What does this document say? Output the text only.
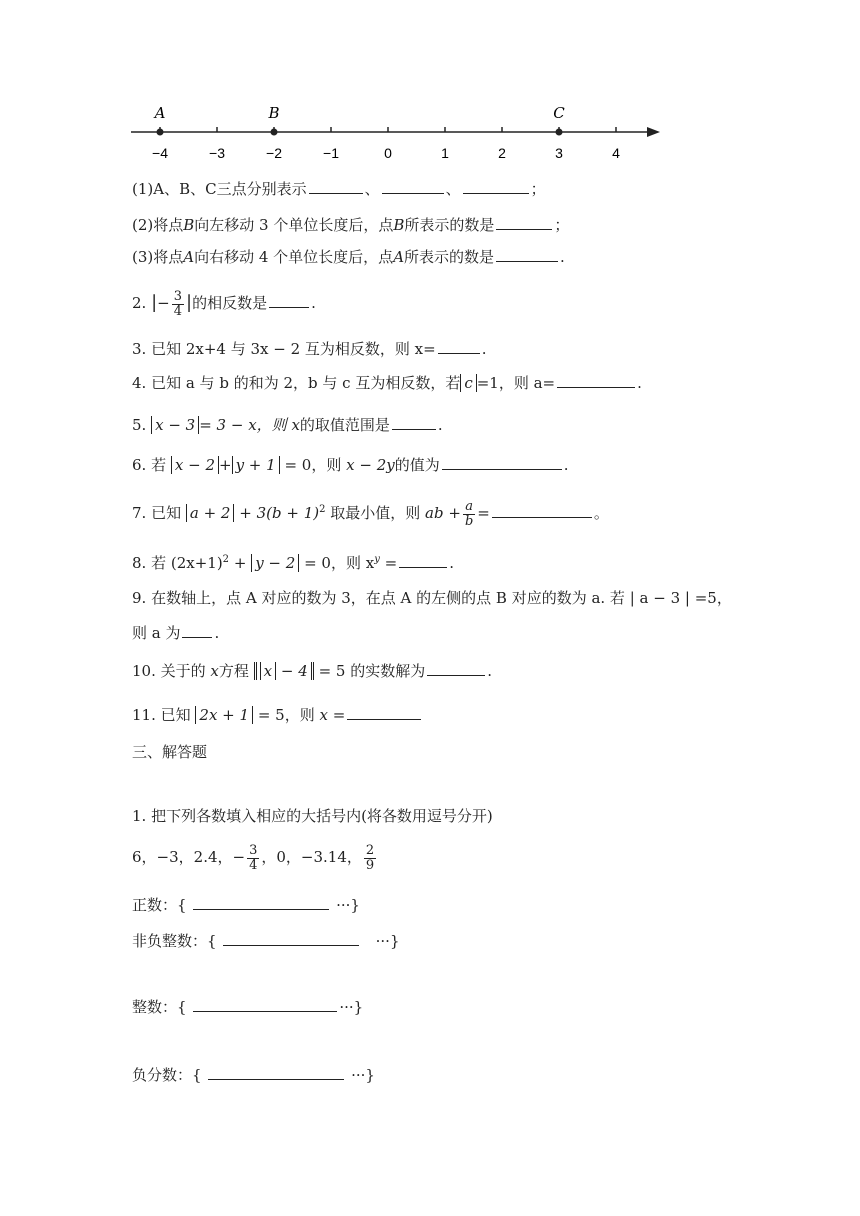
−4	−3	−2	−1	0	1	2	3	4
A	B	C
(1)A、B、C三点分别表示	、	、	；
(2)将点B向左移动 3 个单位长度后，点B所表示的数是	；
(3)将点A向右移动 4 个单位长度后，点A所表示的数是	.
2. |− $\frac{3}{4}$ |的相反数是	.
3. 已知 2x+4 与 3x − 2 互为相反数，则 x=	.
4. 已知 a 与 b 的和为 2，b 与 c 互为相反数，若 c =1，则 a=	.
5. x − 3 = 3 − x，则 x的取值范围是	.
6. 若 x − 2 + y + 1 = 0，则 x − 2y的值为	.
7. 已知 $a + 2 + 3(b + 1)^2$ 取最小值，则 ab + $\frac{a}{b}$ =	。
8. 若 $(2x+1)^2 + y - 2 = 0$，则 $x^y$ =	.
9. 在数轴上，点 A 对应的数为 3，在点 A 的左侧的点 B 对应的数为 a. 若 | a − 3 | =5，
则 a 为 .
10. 关于的 x方程 x − 4 = 5 的实数解为	.
11. 已知 2x + 1 = 5，则 x =
三、解答题
1. 把下列各数填入相应的大括号内(将各数用逗号分开)
6，−3，2.4，− $\frac{3}{4}$ ，0，−3.14， $\frac{2}{9}$
正数：{	···}
非负整数：{	···}
整数：{	···}
负分数：{	···}
